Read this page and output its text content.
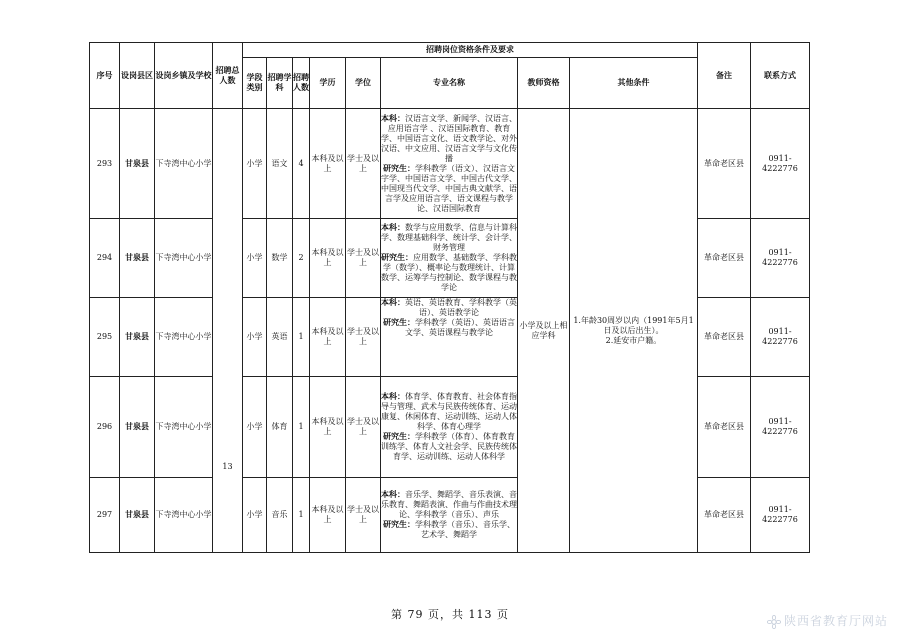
序号	设岗县区	设岗乡镇及学校	招聘总人数	招聘岗位资格条件及要求								备注	联系方式
				学段类别	招聘学科	招聘人数	学历	学位	专业名称	教师资格	其他条件		
293	甘泉县	下寺湾中心小学	13	小学	语文	4	本科及以上	学士及以上	本科：汉语言文学、新闻学、汉语言、应用语言学 、汉语国际教育、教育学、中国语言文化、语文教学论、对外汉语、中文应用、汉语言文学与文化传播
研究生：学科教学（语文）、汉语言文字学、中国语言文学、中国古代文学、 中国现当代文学、中国古典文献学、语言学及应用语言学、语文课程与教学论、汉语国际教育	小学及以上相应学科	1.年龄30周岁以内（1991年5月1日及以后出生）。
2.延安市户籍。	革命老区县	0911-4222776
294	甘泉县	下寺湾中心小学		小学	数学	2	本科及以上	学士及以上	本科：数学与应用数学、信息与计算科学、数理基础科学、统计学、会计学、财务管理
研究生：应用数学、基础数学、学科教学（数学）、概率论与数理统计、计算数学、运筹学与控制论、数学课程与教学论			革命老区县	0911-4222776
295	甘泉县	下寺湾中心小学		小学	英语	1	本科及以上	学士及以上	本科：英语、英语教育、学科教学（英语）、英语教学论
研究生：学科教学（英语）、英语语言文学、英语课程与教学论			革命老区县	0911-4222776
296	甘泉县	下寺湾中心小学		小学	体育	1	本科及以上	学士及以上	本科：体育学、体育教育、社会体育指导与管理、武术与民族传统体育、运动康复、休闲体育、运动训练、运动人体科学、体育心理学
研究生：学科教学（体育）、体育教育训练学、体育人文社会学、民族传统体育学、运动训练、运动人体科学			革命老区县	0911-4222776
297	甘泉县	下寺湾中心小学		小学	音乐	1	本科及以上	学士及以上	本科：音乐学、舞蹈学、音乐表演、音乐教育、舞蹈表演、作曲与作曲技术理论、学科教学（音乐）、声乐
研究生：学科教学（音乐）、音乐学、艺术学、舞蹈学			革命老区县	0911-4222776
第 79 页，共 113 页	陕西省教育厅网站
